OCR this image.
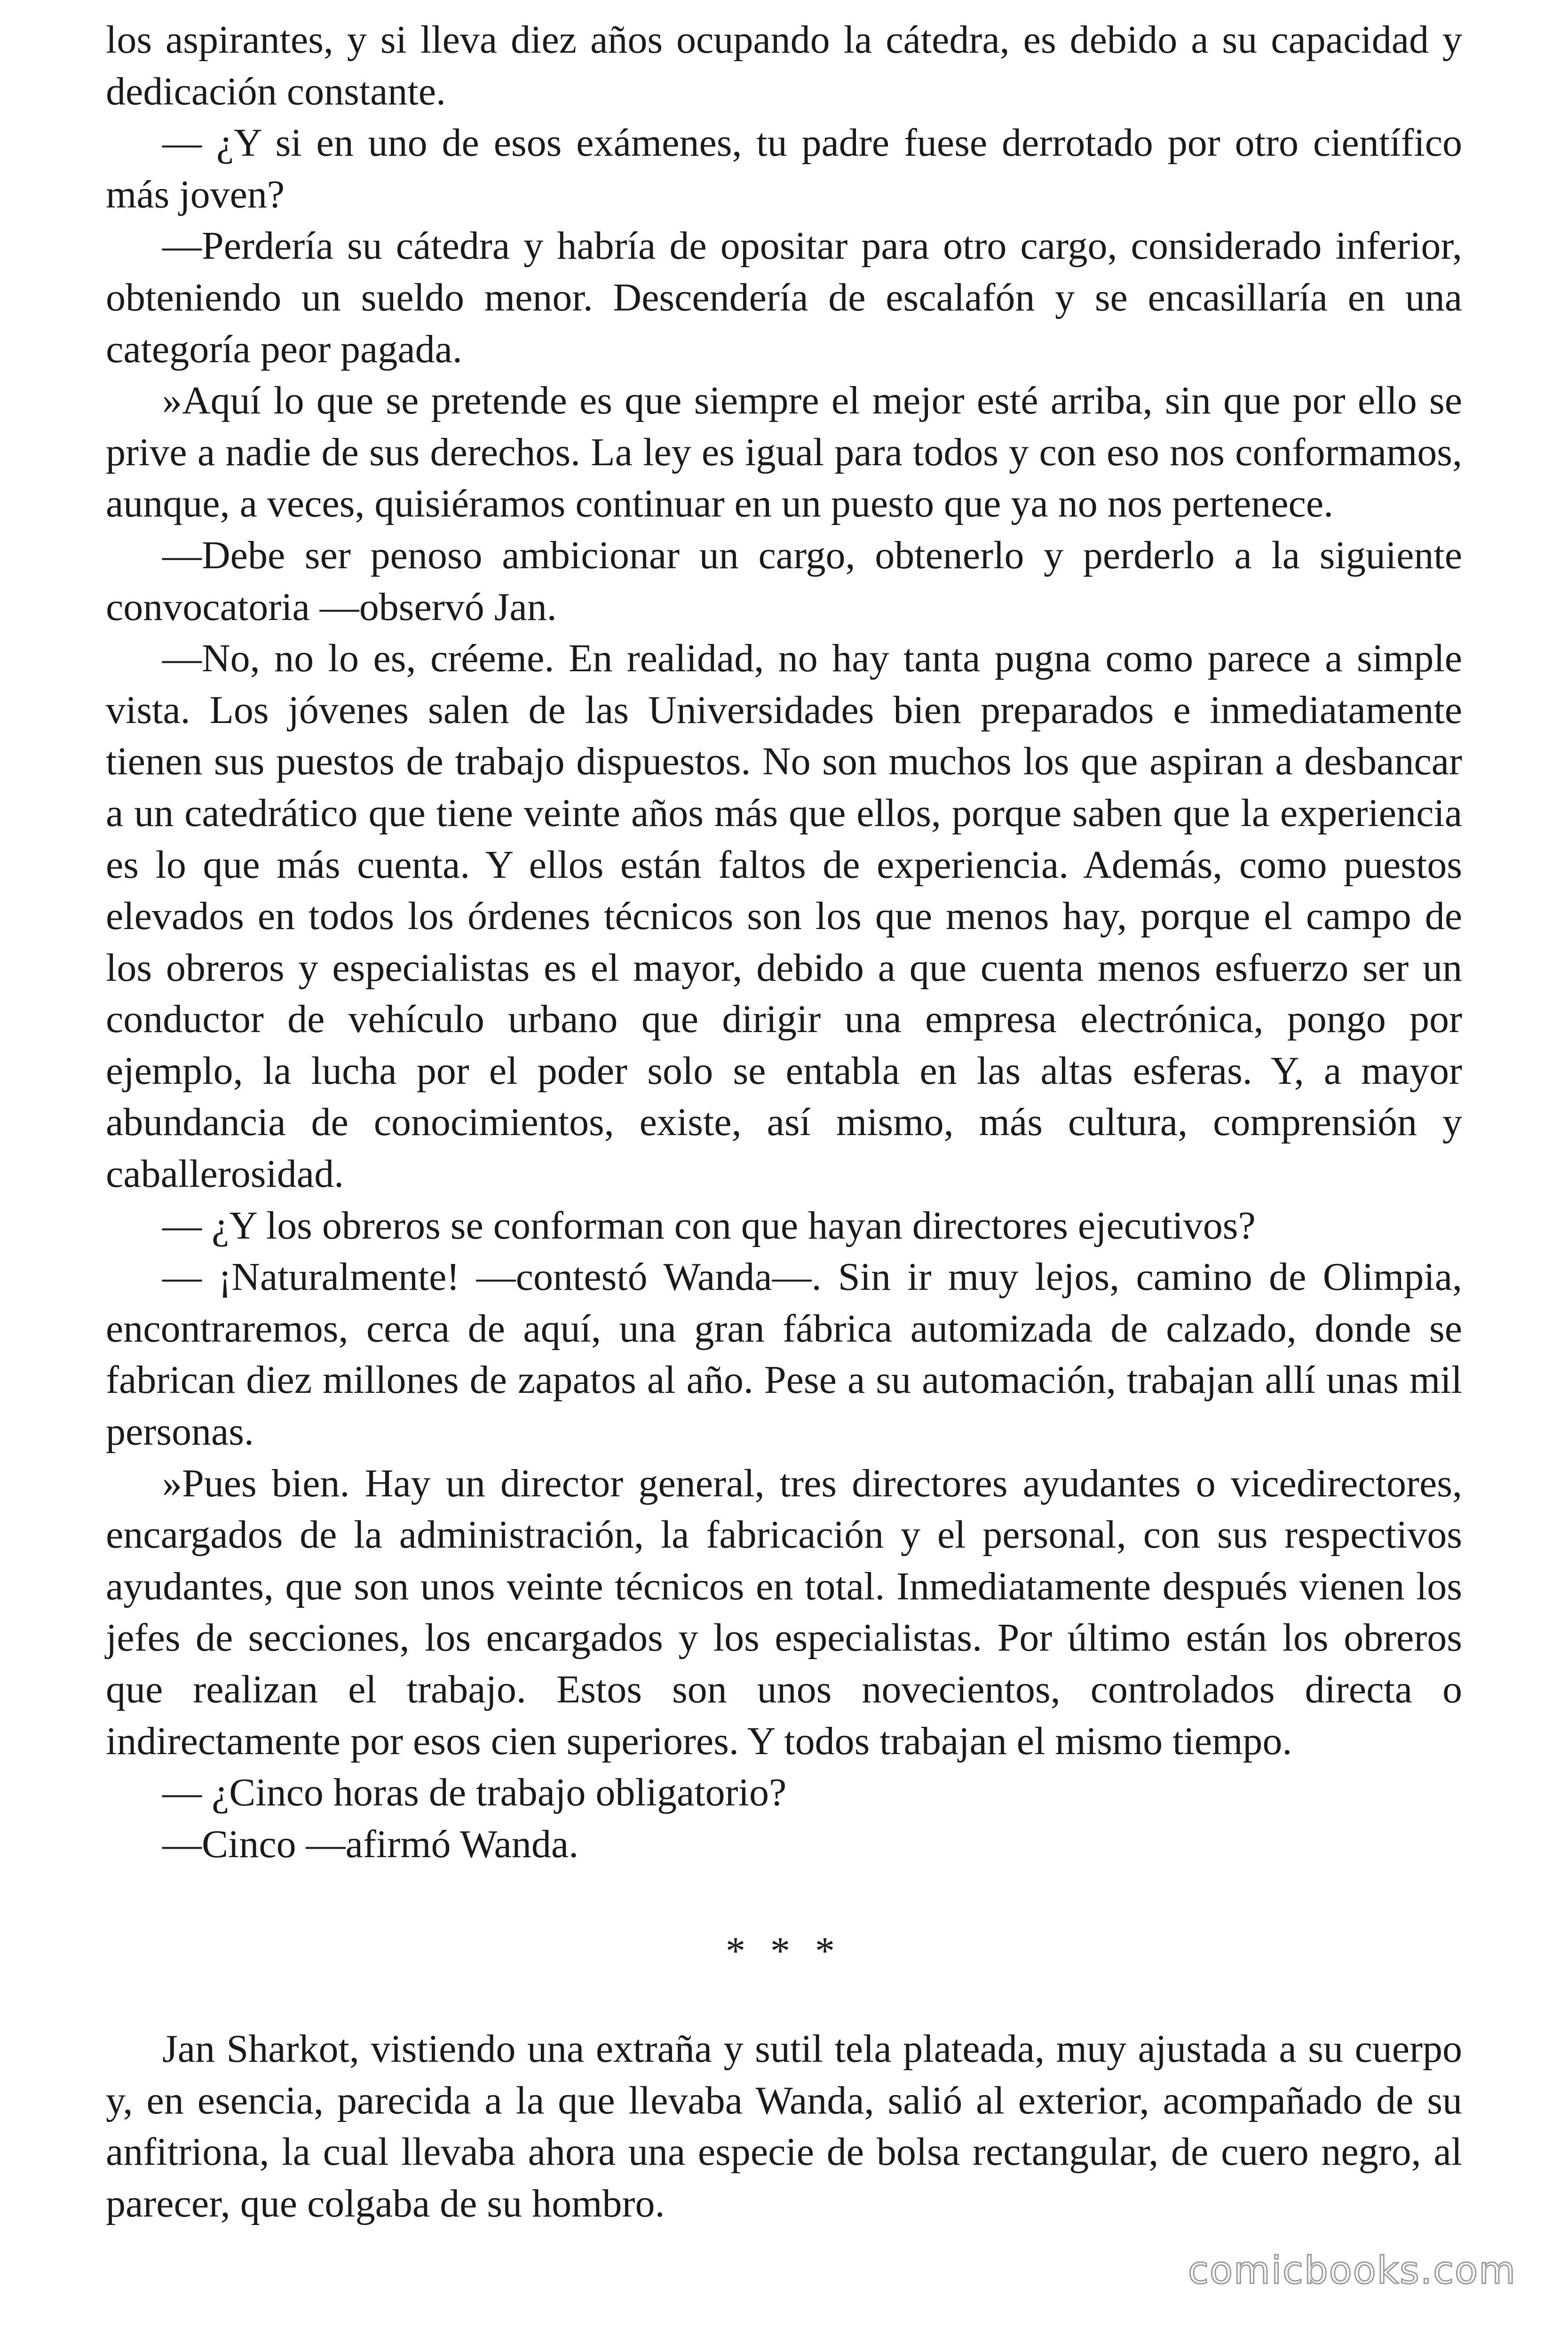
los aspirantes, y si lleva diez años ocupando la cátedra, es debido a su capacidad y dedicación constante.

— ¿Y si en uno de esos exámenes, tu padre fuese derrotado por otro científico más joven?

—Perdería su cátedra y habría de opositar para otro cargo, considerado inferior, obteniendo un sueldo menor. Descendería de escalafón y se encasillaría en una categoría peor pagada.

»Aquí lo que se pretende es que siempre el mejor esté arriba, sin que por ello se prive a nadie de sus derechos. La ley es igual para todos y con eso nos conformamos, aunque, a veces, quisiéramos continuar en un puesto que ya no nos pertenece.

—Debe ser penoso ambicionar un cargo, obtenerlo y perderlo a la siguiente convocatoria —observó Jan.

—No, no lo es, créeme. En realidad, no hay tanta pugna como parece a simple vista. Los jóvenes salen de las Universidades bien preparados e inmediatamente tienen sus puestos de trabajo dispuestos. No son muchos los que aspiran a desbancar a un catedrático que tiene veinte años más que ellos, porque saben que la experiencia es lo que más cuenta. Y ellos están faltos de experiencia. Además, como puestos elevados en todos los órdenes técnicos son los que menos hay, porque el campo de los obreros y especialistas es el mayor, debido a que cuenta menos esfuerzo ser un conductor de vehículo urbano que dirigir una empresa electrónica, pongo por ejemplo, la lucha por el poder solo se entabla en las altas esferas. Y, a mayor abundancia de conocimientos, existe, así mismo, más cultura, comprensión y caballerosidad.

— ¿Y los obreros se conforman con que hayan directores ejecutivos?

— ¡Naturalmente! —contestó Wanda—. Sin ir muy lejos, camino de Olimpia, encontraremos, cerca de aquí, una gran fábrica automizada de calzado, donde se fabrican diez millones de zapatos al año. Pese a su automación, trabajan allí unas mil personas.

»Pues bien. Hay un director general, tres directores ayudantes o vicedirectores, encargados de la administración, la fabricación y el personal, con sus respectivos ayudantes, que son unos veinte técnicos en total. Inmediatamente después vienen los jefes de secciones, los encargados y los especialistas. Por último están los obreros que realizan el trabajo. Estos son unos novecientos, controlados directa o indirectamente por esos cien superiores. Y todos trabajan el mismo tiempo.

— ¿Cinco horas de trabajo obligatorio?

—Cinco —afirmó Wanda.

* * *

Jan Sharkot, vistiendo una extraña y sutil tela plateada, muy ajustada a su cuerpo y, en esencia, parecida a la que llevaba Wanda, salió al exterior, acompañado de su anfitriona, la cual llevaba ahora una especie de bolsa rectangular, de cuero negro, al parecer, que colgaba de su hombro.

comicbooks.com
